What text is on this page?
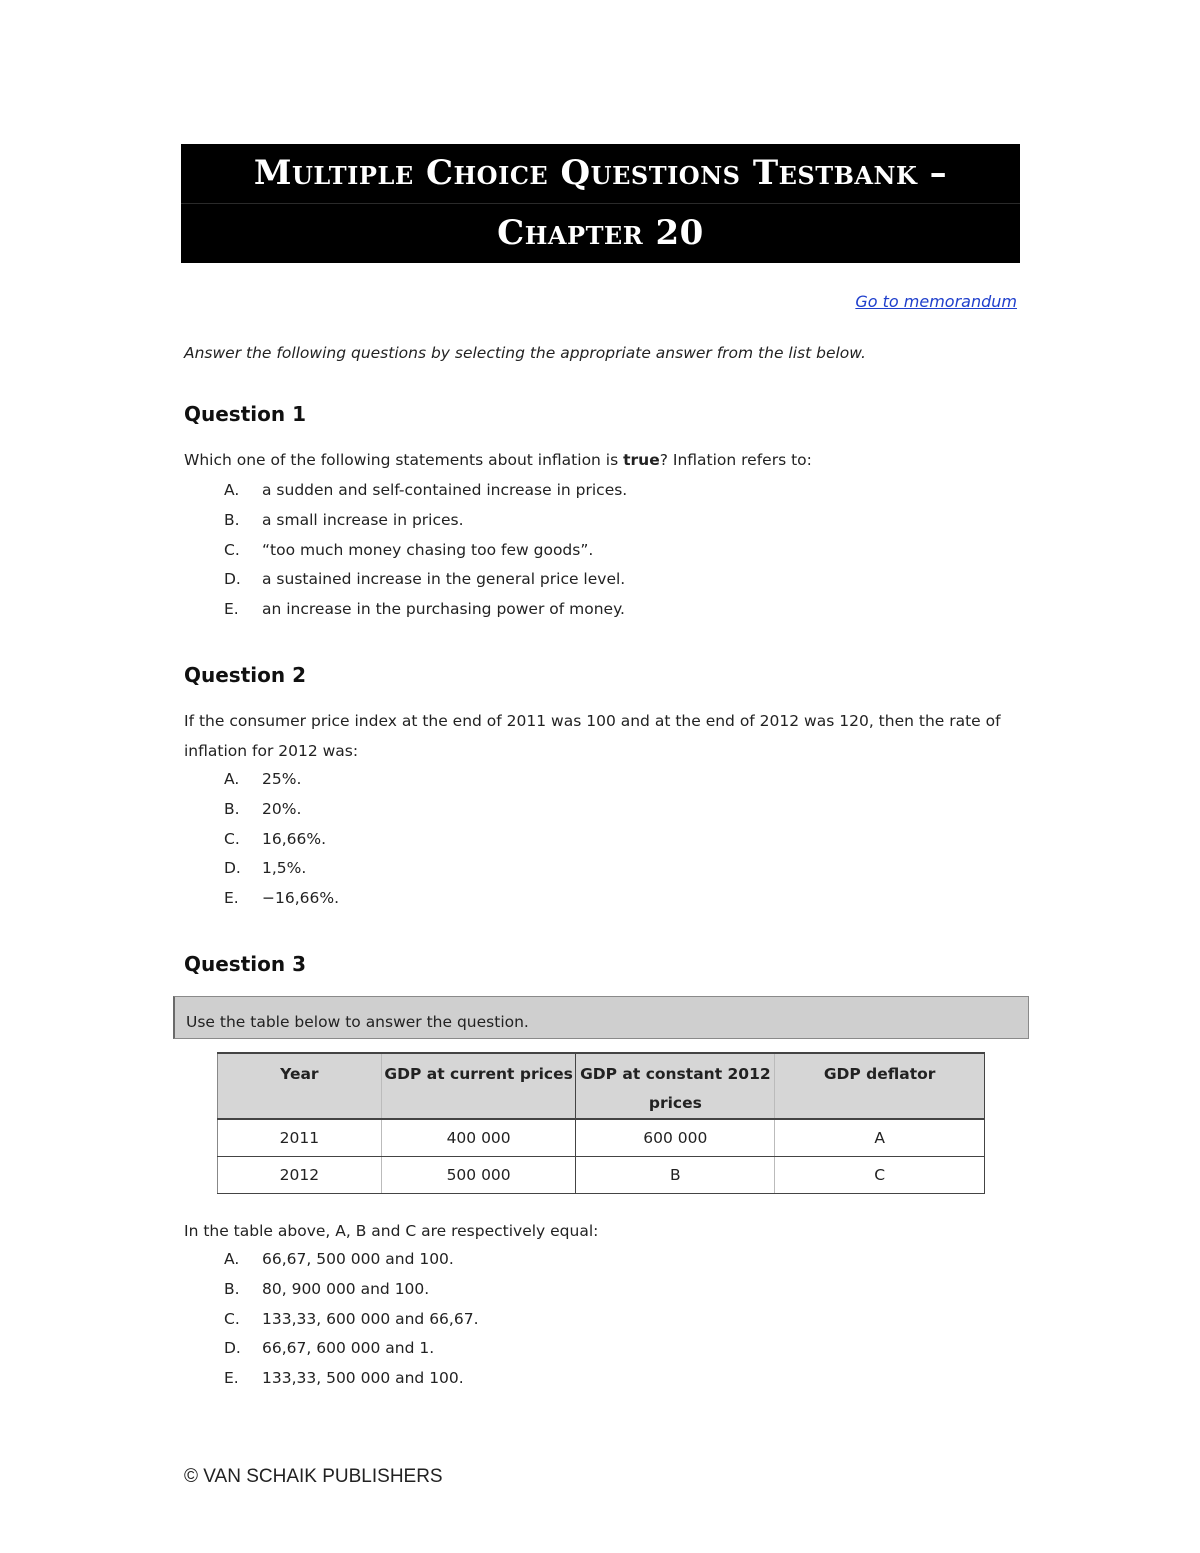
Multiple Choice Questions Testbank –
Chapter 20
Go to memorandum
Answer the following questions by selecting the appropriate answer from the list below.
Question 1
Which one of the following statements about inflation is true? Inflation refers to:
A.	a sudden and self-contained increase in prices.
B.	a small increase in prices.
C.	“too much money chasing too few goods”.
D.	a sustained increase in the general price level.
E.	an increase in the purchasing power of money.
Question 2
If the consumer price index at the end of 2011 was 100 and at the end of 2012 was 120, then the rate of inflation for 2012 was:
A.	25%.
B.	20%.
C.	16,66%.
D.	1,5%.
E.	−16,66%.
Question 3
Use the table below to answer the question.
Year	GDP at current prices	GDP at constant 2012 prices	GDP deflator
2011	400 000	600 000	A
2012	500 000	B	C
In the table above, A, B and C are respectively equal:
A.	66,67, 500 000 and 100.
B.	80, 900 000 and 100.
C.	133,33, 600 000 and 66,67.
D.	66,67, 600 000 and 1.
E.	133,33, 500 000 and 100.
© VAN SCHAIK PUBLISHERS
